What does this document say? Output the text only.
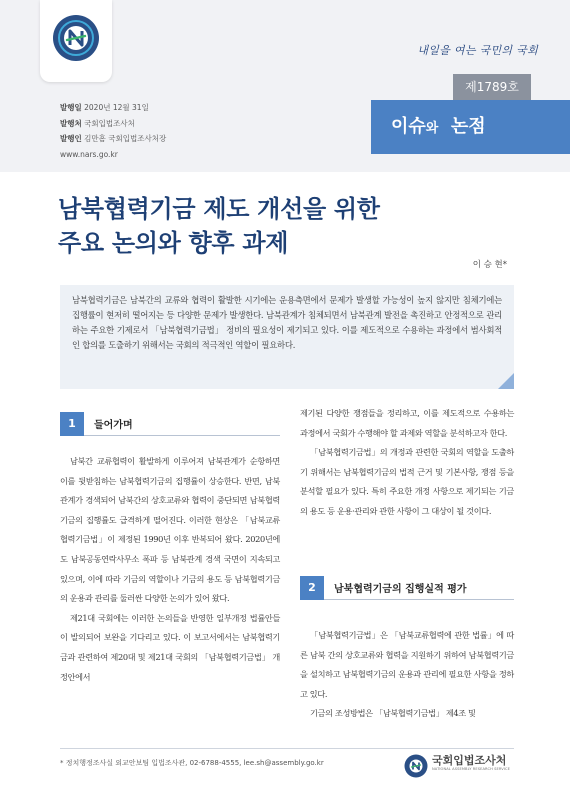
내일을 여는 국민의 국회
제1789호
이슈와 논점
발행일 2020년 12월 31일
발행처 국회입법조사처
발행인 김만흠 국회입법조사처장
www.nars.go.kr
남북협력기금 제도 개선을 위한
주요 논의와 향후 과제
이 승 현*

남북협력기금은 남북간의 교류와 협력이 활발한 시기에는 운용측면에서 문제가 발생할 가능성이 높지 않지만 침체기에는 집행률이 현저히 떨어지는 등 다양한 문제가 발생한다. 남북관계가 침체되면서 남북관계 발전을 촉진하고 안정적으로 관리하는 주요한 기제로서 「남북협력기금법」 정비의 필요성이 제기되고 있다. 이를 제도적으로 수용하는 과정에서 범사회적인 합의를 도출하기 위해서는 국회의 적극적인 역할이 필요하다.

1	들어가며

남북간 교류협력이 활발하게 이루어져 남북관계가 순항하면 이를 뒷받침하는 남북협력기금의 집행률이 상승한다. 반면, 남북관계가 경색되어 남북간의 상호교류와 협력이 중단되면 남북협력기금의 집행률도 급격하게 떨어진다. 이러한 현상은 「남북교류협력기금법」이 제정된 1990년 이후 반복되어 왔다. 2020년에도 남북공동연락사무소 폭파 등 남북관계 경색 국면이 지속되고 있으며, 이에 따라 기금의 역할이나 기금의 용도 등 남북협력기금의 운용과 관리를 둘러싼 다양한 논의가 있어 왔다.

제21대 국회에는 이러한 논의들을 반영한 일부개정 법률안들이 발의되어 보완을 기다리고 있다. 이 보고서에서는 남북협력기금과 관련하여 제20대 및 제21대 국회의 「남북협력기금법」 개정안에서

제기된 다양한 쟁점들을 정리하고, 이를 제도적으로 수용하는 과정에서 국회가 수행해야 할 과제와 역할을 분석하고자 한다.

「남북협력기금법」의 개정과 관련한 국회의 역할을 도출하기 위해서는 남북협력기금의 법적 근거 및 기본사항, 쟁점 등을 분석할 필요가 있다. 특히 주요한 개정 사항으로 제기되는 기금의 용도 등 운용·관리와 관한 사항이 그 대상이 될 것이다.

2	남북협력기금의 집행실적 평가

「남북협력기금법」은 「남북교류협력에 관한 법률」에 따른 남북 간의 상호교류와 협력을 지원하기 위하여 남북협력기금을 설치하고 남북협력기금의 운용과 관리에 필요한 사항을 정하고 있다.

기금의 조성방법은 「남북협력기금법」 제4조 및

* 정치행정조사실 외교안보팀 입법조사관, 02-6788-4555, lee.sh@assembly.go.kr	국회입법조사처
NATIONAL ASSEMBLY RESEARCH SERVICE
